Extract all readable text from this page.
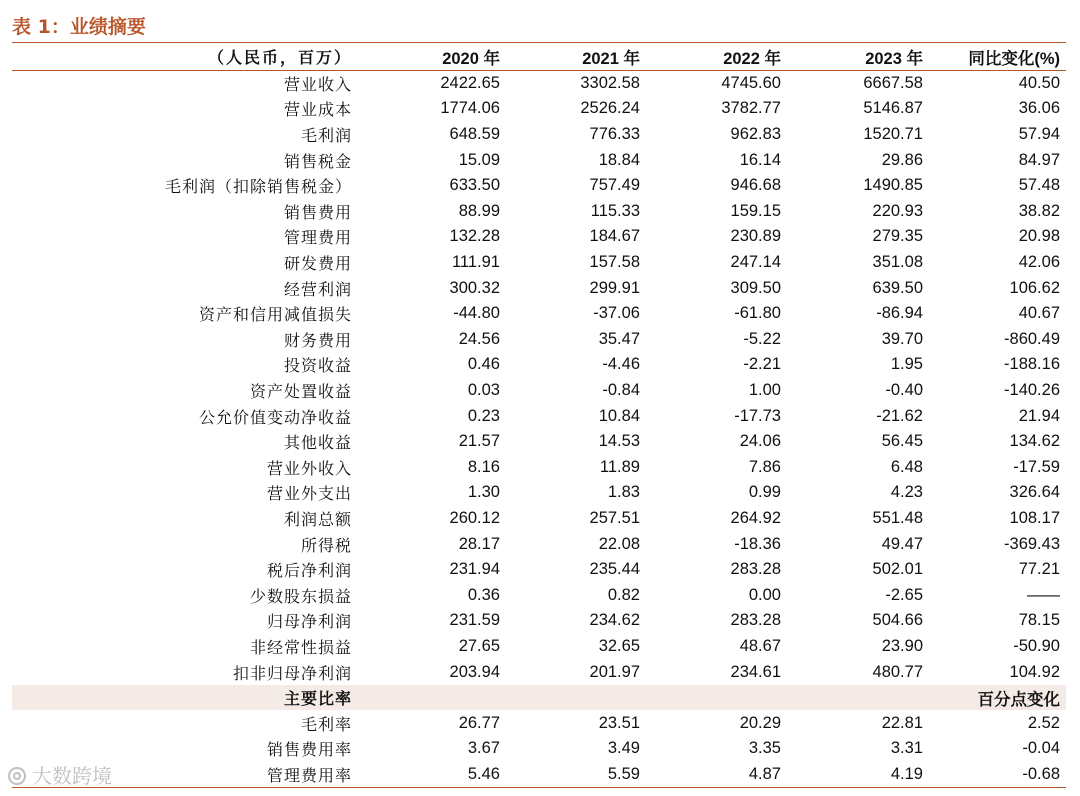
表 1：业绩摘要
（人民币，百万）	2020 年	2021 年	2022 年	2023 年	同比变化(%)
营业收入	2422.65	3302.58	4745.60	6667.58	40.50
营业成本	1774.06	2526.24	3782.77	5146.87	36.06
毛利润	648.59	776.33	962.83	1520.71	57.94
销售税金	15.09	18.84	16.14	29.86	84.97
毛利润（扣除销售税金）	633.50	757.49	946.68	1490.85	57.48
销售费用	88.99	115.33	159.15	220.93	38.82
管理费用	132.28	184.67	230.89	279.35	20.98
研发费用	111.91	157.58	247.14	351.08	42.06
经营利润	300.32	299.91	309.50	639.50	106.62
资产和信用减值损失	-44.80	-37.06	-61.80	-86.94	40.67
财务费用	24.56	35.47	-5.22	39.70	-860.49
投资收益	0.46	-4.46	-2.21	1.95	-188.16
资产处置收益	0.03	-0.84	1.00	-0.40	-140.26
公允价值变动净收益	0.23	10.84	-17.73	-21.62	21.94
其他收益	21.57	14.53	24.06	56.45	134.62
营业外收入	8.16	11.89	7.86	6.48	-17.59
营业外支出	1.30	1.83	0.99	4.23	326.64
利润总额	260.12	257.51	264.92	551.48	108.17
所得税	28.17	22.08	-18.36	49.47	-369.43
税后净利润	231.94	235.44	283.28	502.01	77.21
少数股东损益	0.36	0.82	0.00	-2.65	——
归母净利润	231.59	234.62	283.28	504.66	78.15
非经常性损益	27.65	32.65	48.67	23.90	-50.90
扣非归母净利润	203.94	201.97	234.61	480.77	104.92
主要比率					百分点变化
毛利率	26.77	23.51	20.29	22.81	2.52
销售费用率	3.67	3.49	3.35	3.31	-0.04
管理费用率	5.46	5.59	4.87	4.19	-0.68
大数跨境
